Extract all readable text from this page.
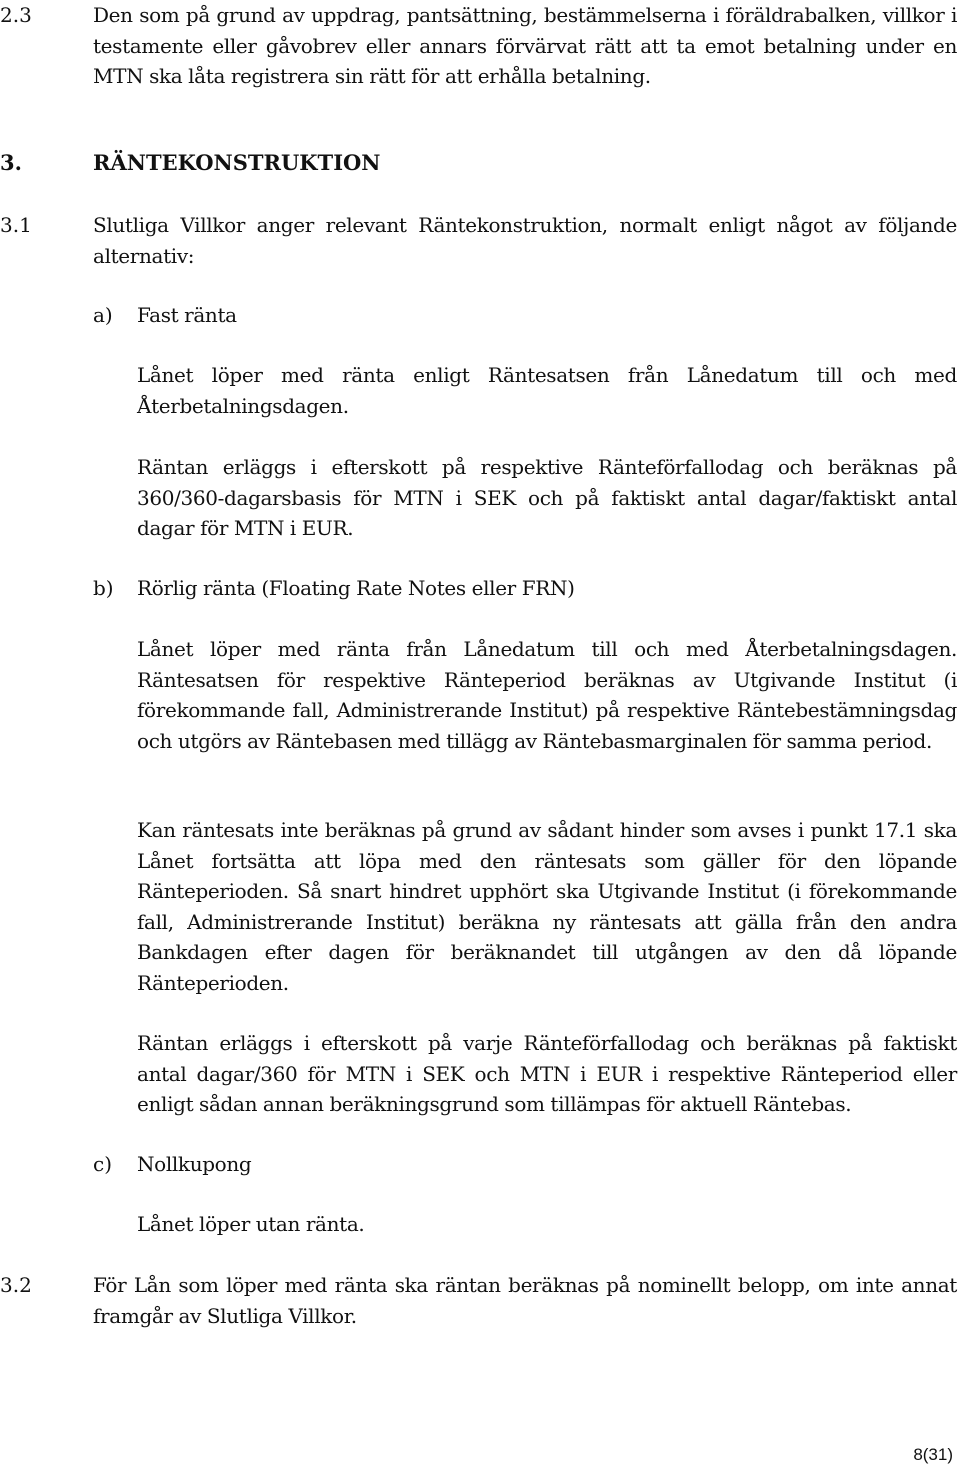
2.3	Den som på grund av uppdrag, pantsättning, bestämmelserna i föräldrabalken, villkor i testamente eller gåvobrev eller annars förvärvat rätt att ta emot betalning under en MTN ska låta registrera sin rätt för att erhålla betalning.
3.	RÄNTEKONSTRUKTION
3.1	Slutliga Villkor anger relevant Räntekonstruktion, normalt enligt något av följande alternativ:
a) Fast ränta
Lånet löper med ränta enligt Räntesatsen från Lånedatum till och med Återbetalningsdagen.
Räntan erläggs i efterskott på respektive Ränteförfallodag och beräknas på 360/360-dagarsbasis för MTN i SEK och på faktiskt antal dagar/faktiskt antal dagar för MTN i EUR.
b) Rörlig ränta (Floating Rate Notes eller FRN)
Lånet löper med ränta från Lånedatum till och med Återbetalningsdagen. Räntesatsen för respektive Ränteperiod beräknas av Utgivande Institut (i förekommande fall, Administrerande Institut) på respektive Räntebestämningsdag och utgörs av Räntebasen med tillägg av Räntebasmarginalen för samma period.
Kan räntesats inte beräknas på grund av sådant hinder som avses i punkt 17.1 ska Lånet fortsätta att löpa med den räntesats som gäller för den löpande Ränteperioden. Så snart hindret upphört ska Utgivande Institut (i förekommande fall, Administrerande Institut) beräkna ny räntesats att gälla från den andra Bankdagen efter dagen för beräknandet till utgången av den då löpande Ränteperioden.
Räntan erläggs i efterskott på varje Ränteförfallodag och beräknas på faktiskt antal dagar/360 för MTN i SEK och MTN i EUR i respektive Ränteperiod eller enligt sådan annan beräkningsgrund som tillämpas för aktuell Räntebas.
c) Nollkupong
Lånet löper utan ränta.
3.2	För Lån som löper med ränta ska räntan beräknas på nominellt belopp, om inte annat framgår av Slutliga Villkor.
8(31)
